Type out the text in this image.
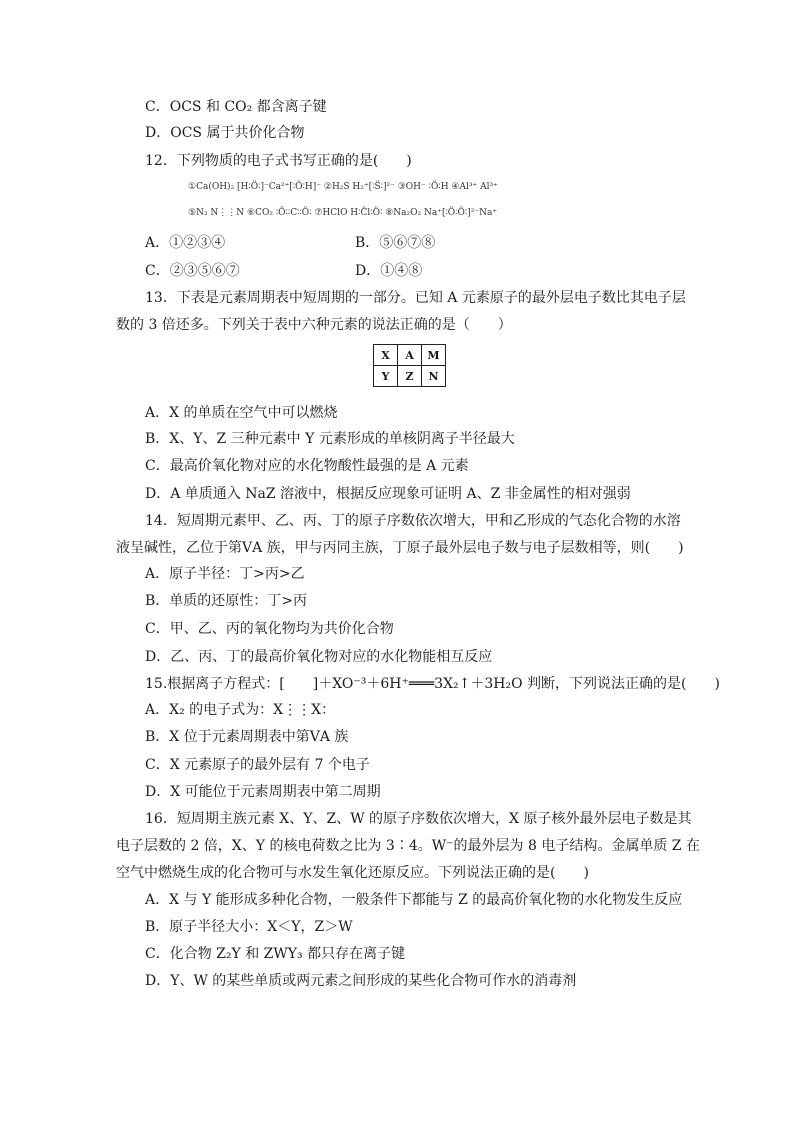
C．OCS 和 CO₂ 都含离子键
D．OCS 属于共价化合物
12．下列物质的电子式书写正确的是(　　)
①Ca(OH)₂ [H∶Ö∶]⁻Ca²⁺[∶Ö∶H]⁻ ②H₂S H₂⁺[∶S̈∶]²⁻ ③OH⁻ ∶Ö∶H ④Al³⁺ Al³⁺
⑤N₂ N⋮⋮N ⑥CO₂ ∶Ö∶∶C∶∶Ö∶ ⑦HClO H∶C̈l∶Ö∶ ⑧Na₂O₂ Na⁺[∶Ö∶Ö∶]²⁻Na⁺
A．①②③④	B．⑤⑥⑦⑧
C．②③⑤⑥⑦	D．①④⑧
13．下表是元素周期表中短周期的一部分。已知 A 元素原子的最外层电子数比其电子层
数的 3 倍还多。下列关于表中六种元素的说法正确的是（　　）
X	A	M
Y	Z	N
A．X 的单质在空气中可以燃烧
B．X、Y、Z 三种元素中 Y 元素形成的单核阴离子半径最大
C．最高价氧化物对应的水化物酸性最强的是 A 元素
D．A 单质通入 NaZ 溶液中，根据反应现象可证明 A、Z 非金属性的相对强弱
14．短周期元素甲、乙、丙、丁的原子序数依次增大，甲和乙形成的气态化合物的水溶
液呈碱性，乙位于第ⅤA 族，甲与丙同主族，丁原子最外层电子数与电子层数相等，则(　　)
A．原子半径：丁>丙>乙
B．单质的还原性：丁>丙
C．甲、乙、丙的氧化物均为共价化合物
D．乙、丙、丁的最高价氧化物对应的水化物能相互反应
15.根据离子方程式：[　　]＋XO⁻³＋6H⁺═══3X₂↑＋3H₂O 判断，下列说法正确的是(　　)
A．X₂ 的电子式为：X⋮⋮X：
B．X 位于元素周期表中第ⅤA 族
C．X 元素原子的最外层有 7 个电子
D．X 可能位于元素周期表中第二周期
16．短周期主族元素 X、Y、Z、W 的原子序数依次增大，X 原子核外最外层电子数是其
电子层数的 2 倍，X、Y 的核电荷数之比为 3∶4。W⁻的最外层为 8 电子结构。金属单质 Z 在
空气中燃烧生成的化合物可与水发生氧化还原反应。下列说法正确的是(　　)
A．X 与 Y 能形成多种化合物，一般条件下都能与 Z 的最高价氧化物的水化物发生反应
B．原子半径大小：X＜Y，Z＞W
C．化合物 Z₂Y 和 ZWY₃ 都只存在离子键
D．Y、W 的某些单质或两元素之间形成的某些化合物可作水的消毒剂
